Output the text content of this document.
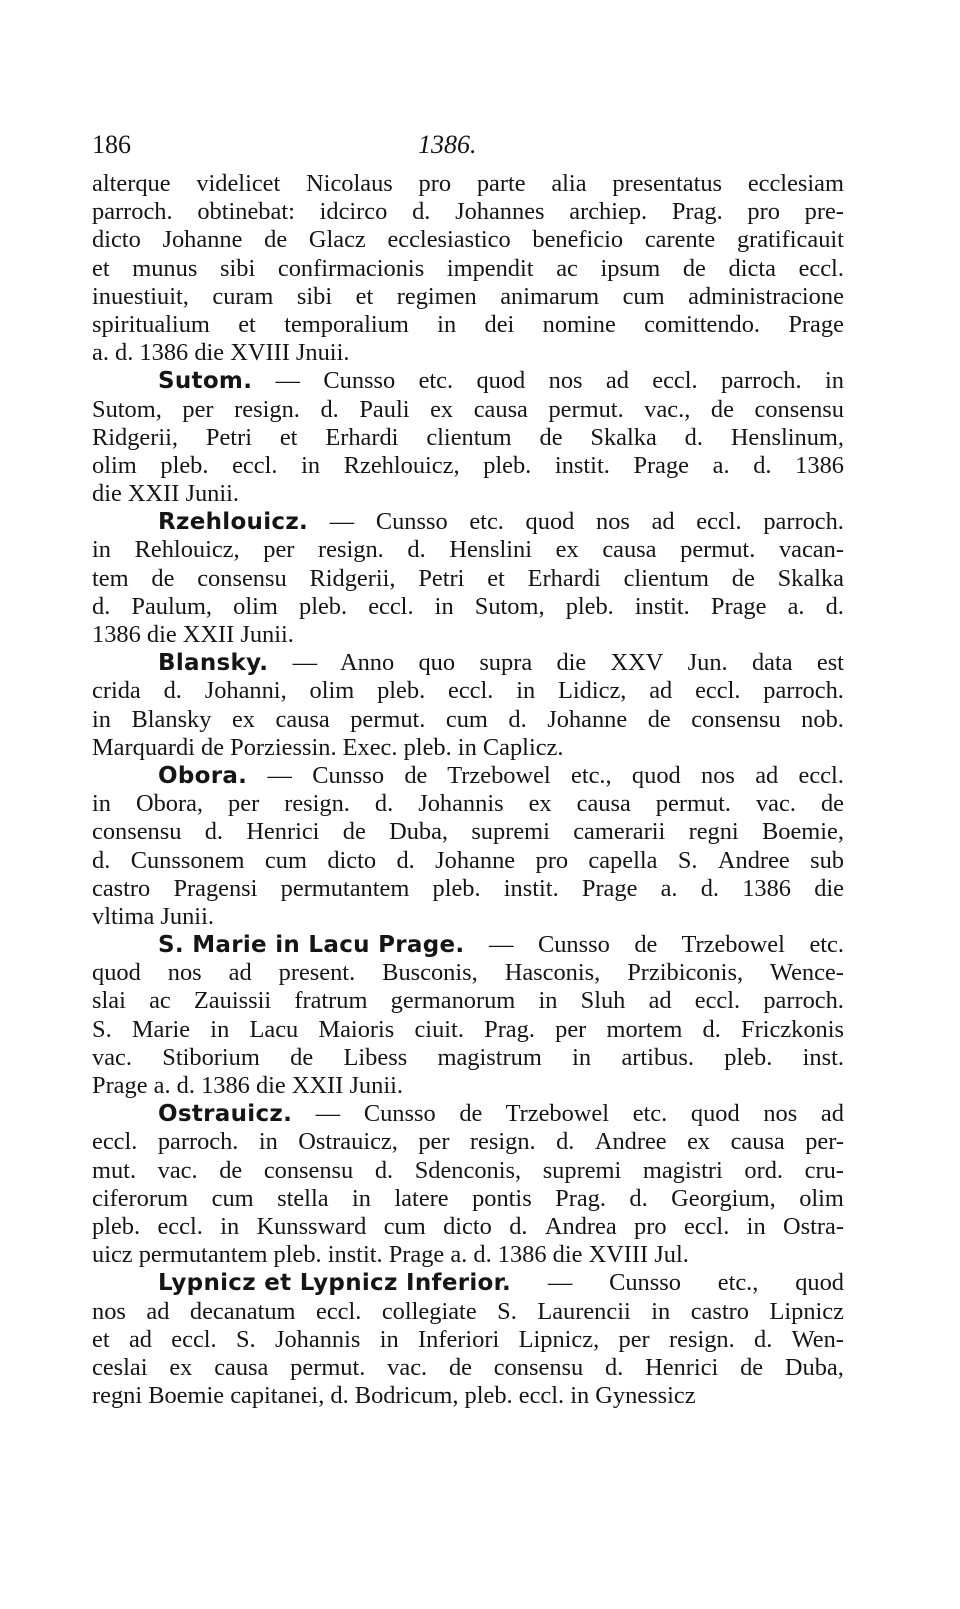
186	1386.
alterque videlicet Nicolaus pro parte alia presentatus ecclesiam
parroch. obtinebat: idcirco d. Johannes archiep. Prag. pro pre-
dicto Johanne de Glacz ecclesiastico beneficio carente gratificauit
et munus sibi confirmacionis impendit ac ipsum de dicta eccl.
inuestiuit, curam sibi et regimen animarum cum administracione
spiritualium et temporalium in dei nomine comittendo. Prage
a. d. 1386 die XVIII Jnuii.
Sutom. — Cunsso etc. quod nos ad eccl. parroch. in
Sutom, per resign. d. Pauli ex causa permut. vac., de consensu
Ridgerii, Petri et Erhardi clientum de Skalka d. Henslinum,
olim pleb. eccl. in Rzehlouicz, pleb. instit. Prage a. d. 1386
die XXII Junii.
Rzehlouicz. — Cunsso etc. quod nos ad eccl. parroch.
in Rehlouicz, per resign. d. Henslini ex causa permut. vacan-
tem de consensu Ridgerii, Petri et Erhardi clientum de Skalka
d. Paulum, olim pleb. eccl. in Sutom, pleb. instit. Prage a. d.
1386 die XXII Junii.
Blansky. — Anno quo supra die XXV Jun. data est
crida d. Johanni, olim pleb. eccl. in Lidicz, ad eccl. parroch.
in Blansky ex causa permut. cum d. Johanne de consensu nob.
Marquardi de Porziessin. Exec. pleb. in Caplicz.
Obora. — Cunsso de Trzebowel etc., quod nos ad eccl.
in Obora, per resign. d. Johannis ex causa permut. vac. de
consensu d. Henrici de Duba, supremi camerarii regni Boemie,
d. Cunssonem cum dicto d. Johanne pro capella S. Andree sub
castro Pragensi permutantem pleb. instit. Prage a. d. 1386 die
vltima Junii.
S. Marie in Lacu Prage. — Cunsso de Trzebowel etc.
quod nos ad present. Busconis, Hasconis, Przibiconis, Wence-
slai ac Zauissii fratrum germanorum in Sluh ad eccl. parroch.
S. Marie in Lacu Maioris ciuit. Prag. per mortem d. Friczkonis
vac. Stiborium de Libess magistrum in artibus. pleb. inst.
Prage a. d. 1386 die XXII Junii.
Ostrauicz. — Cunsso de Trzebowel etc. quod nos ad
eccl. parroch. in Ostrauicz, per resign. d. Andree ex causa per-
mut. vac. de consensu d. Sdenconis, supremi magistri ord. cru-
ciferorum cum stella in latere pontis Prag. d. Georgium, olim
pleb. eccl. in Kunssward cum dicto d. Andrea pro eccl. in Ostra-
uicz permutantem pleb. instit. Prage a. d. 1386 die XVIII Jul.
Lypnicz et Lypnicz Inferior. — Cunsso etc., quod
nos ad decanatum eccl. collegiate S. Laurencii in castro Lipnicz
et ad eccl. S. Johannis in Inferiori Lipnicz, per resign. d. Wen-
ceslai ex causa permut. vac. de consensu d. Henrici de Duba,
regni Boemie capitanei, d. Bodricum, pleb. eccl. in Gynessicz
